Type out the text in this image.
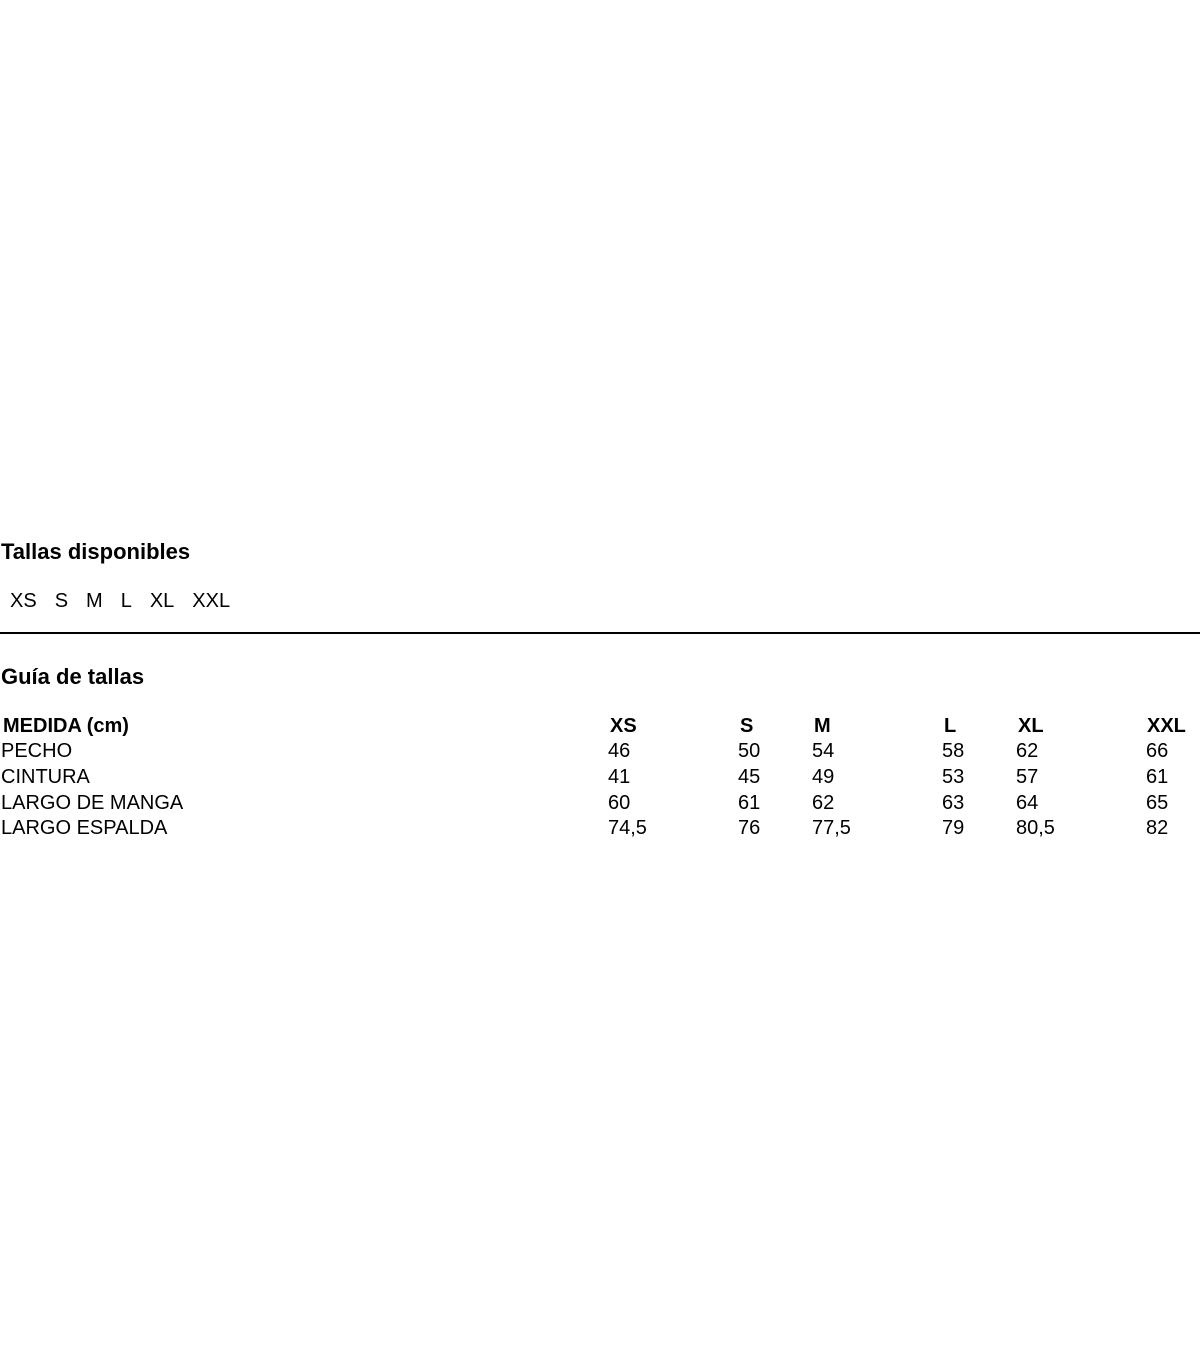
Tallas disponibles
XS S M L XL XXL
Guía de tallas
MEDIDA (cm)	XS	S	M	L	XL	XXL
PECHO	46	50	54	58	62	66
CINTURA	41	45	49	53	57	61
LARGO DE MANGA	60	61	62	63	64	65
LARGO ESPALDA	74,5	76	77,5	79	80,5	82
